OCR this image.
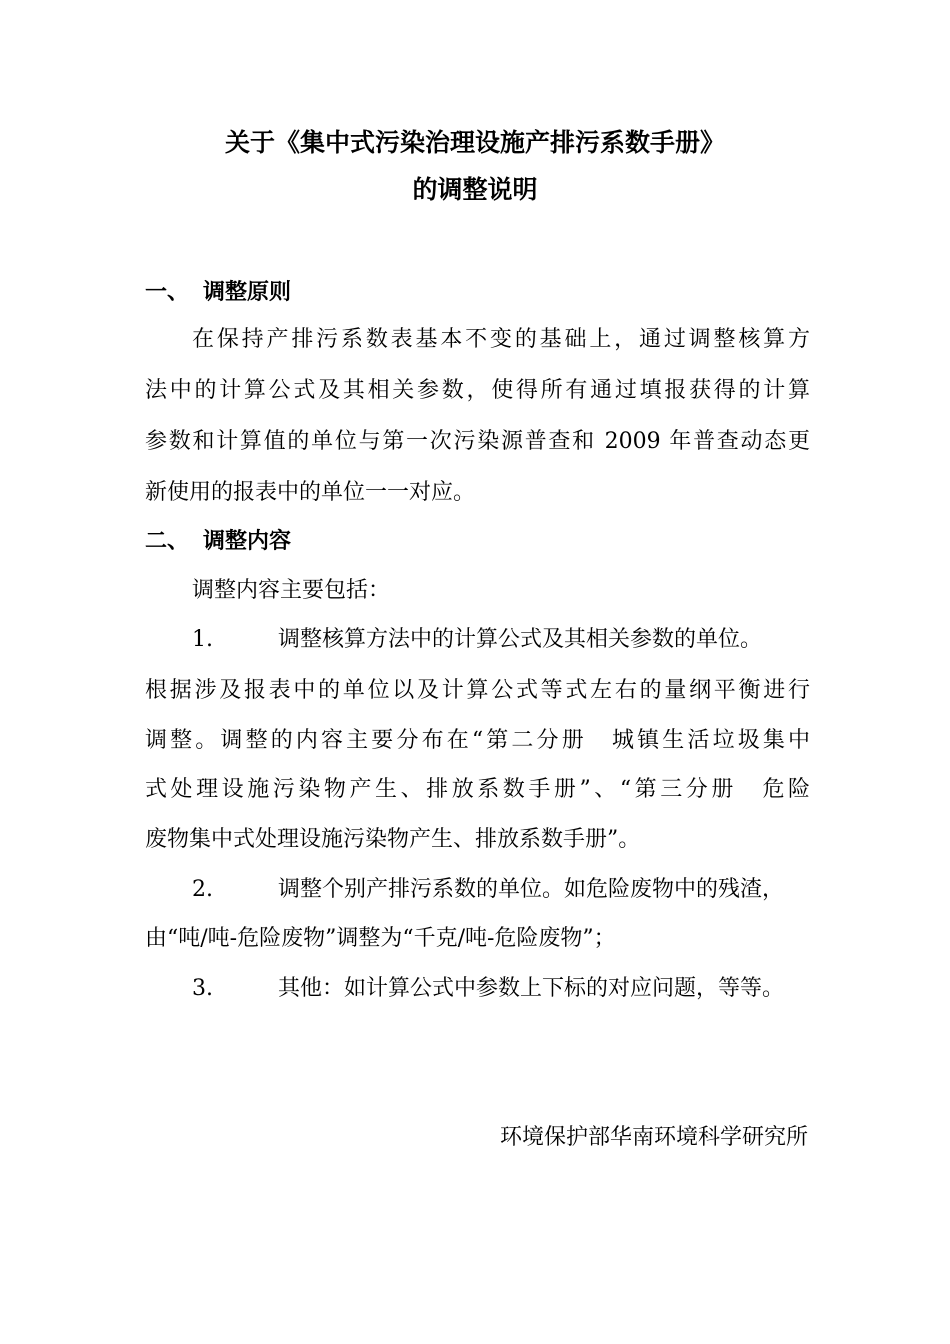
关于《集中式污染治理设施产排污系数手册》
的调整说明
一、 调整原则
在保持产排污系数表基本不变的基础上，通过调整核算方
法中的计算公式及其相关参数，使得所有通过填报获得的计算
参数和计算值的单位与第一次污染源普查和 2009 年普查动态更
新使用的报表中的单位一一对应。
二、 调整内容
调整内容主要包括：
1.	调整核算方法中的计算公式及其相关参数的单位。
根据涉及报表中的单位以及计算公式等式左右的量纲平衡进行
调整。调整的内容主要分布在“第二分册　城镇生活垃圾集中
式处理设施污染物产生、排放系数手册”、“第三分册　危险
废物集中式处理设施污染物产生、排放系数手册”。
2.	调整个别产排污系数的单位。如危险废物中的残渣，
由“吨/吨-危险废物”调整为“千克/吨-危险废物”；
3.	其他：如计算公式中参数上下标的对应问题，等等。
环境保护部华南环境科学研究所
